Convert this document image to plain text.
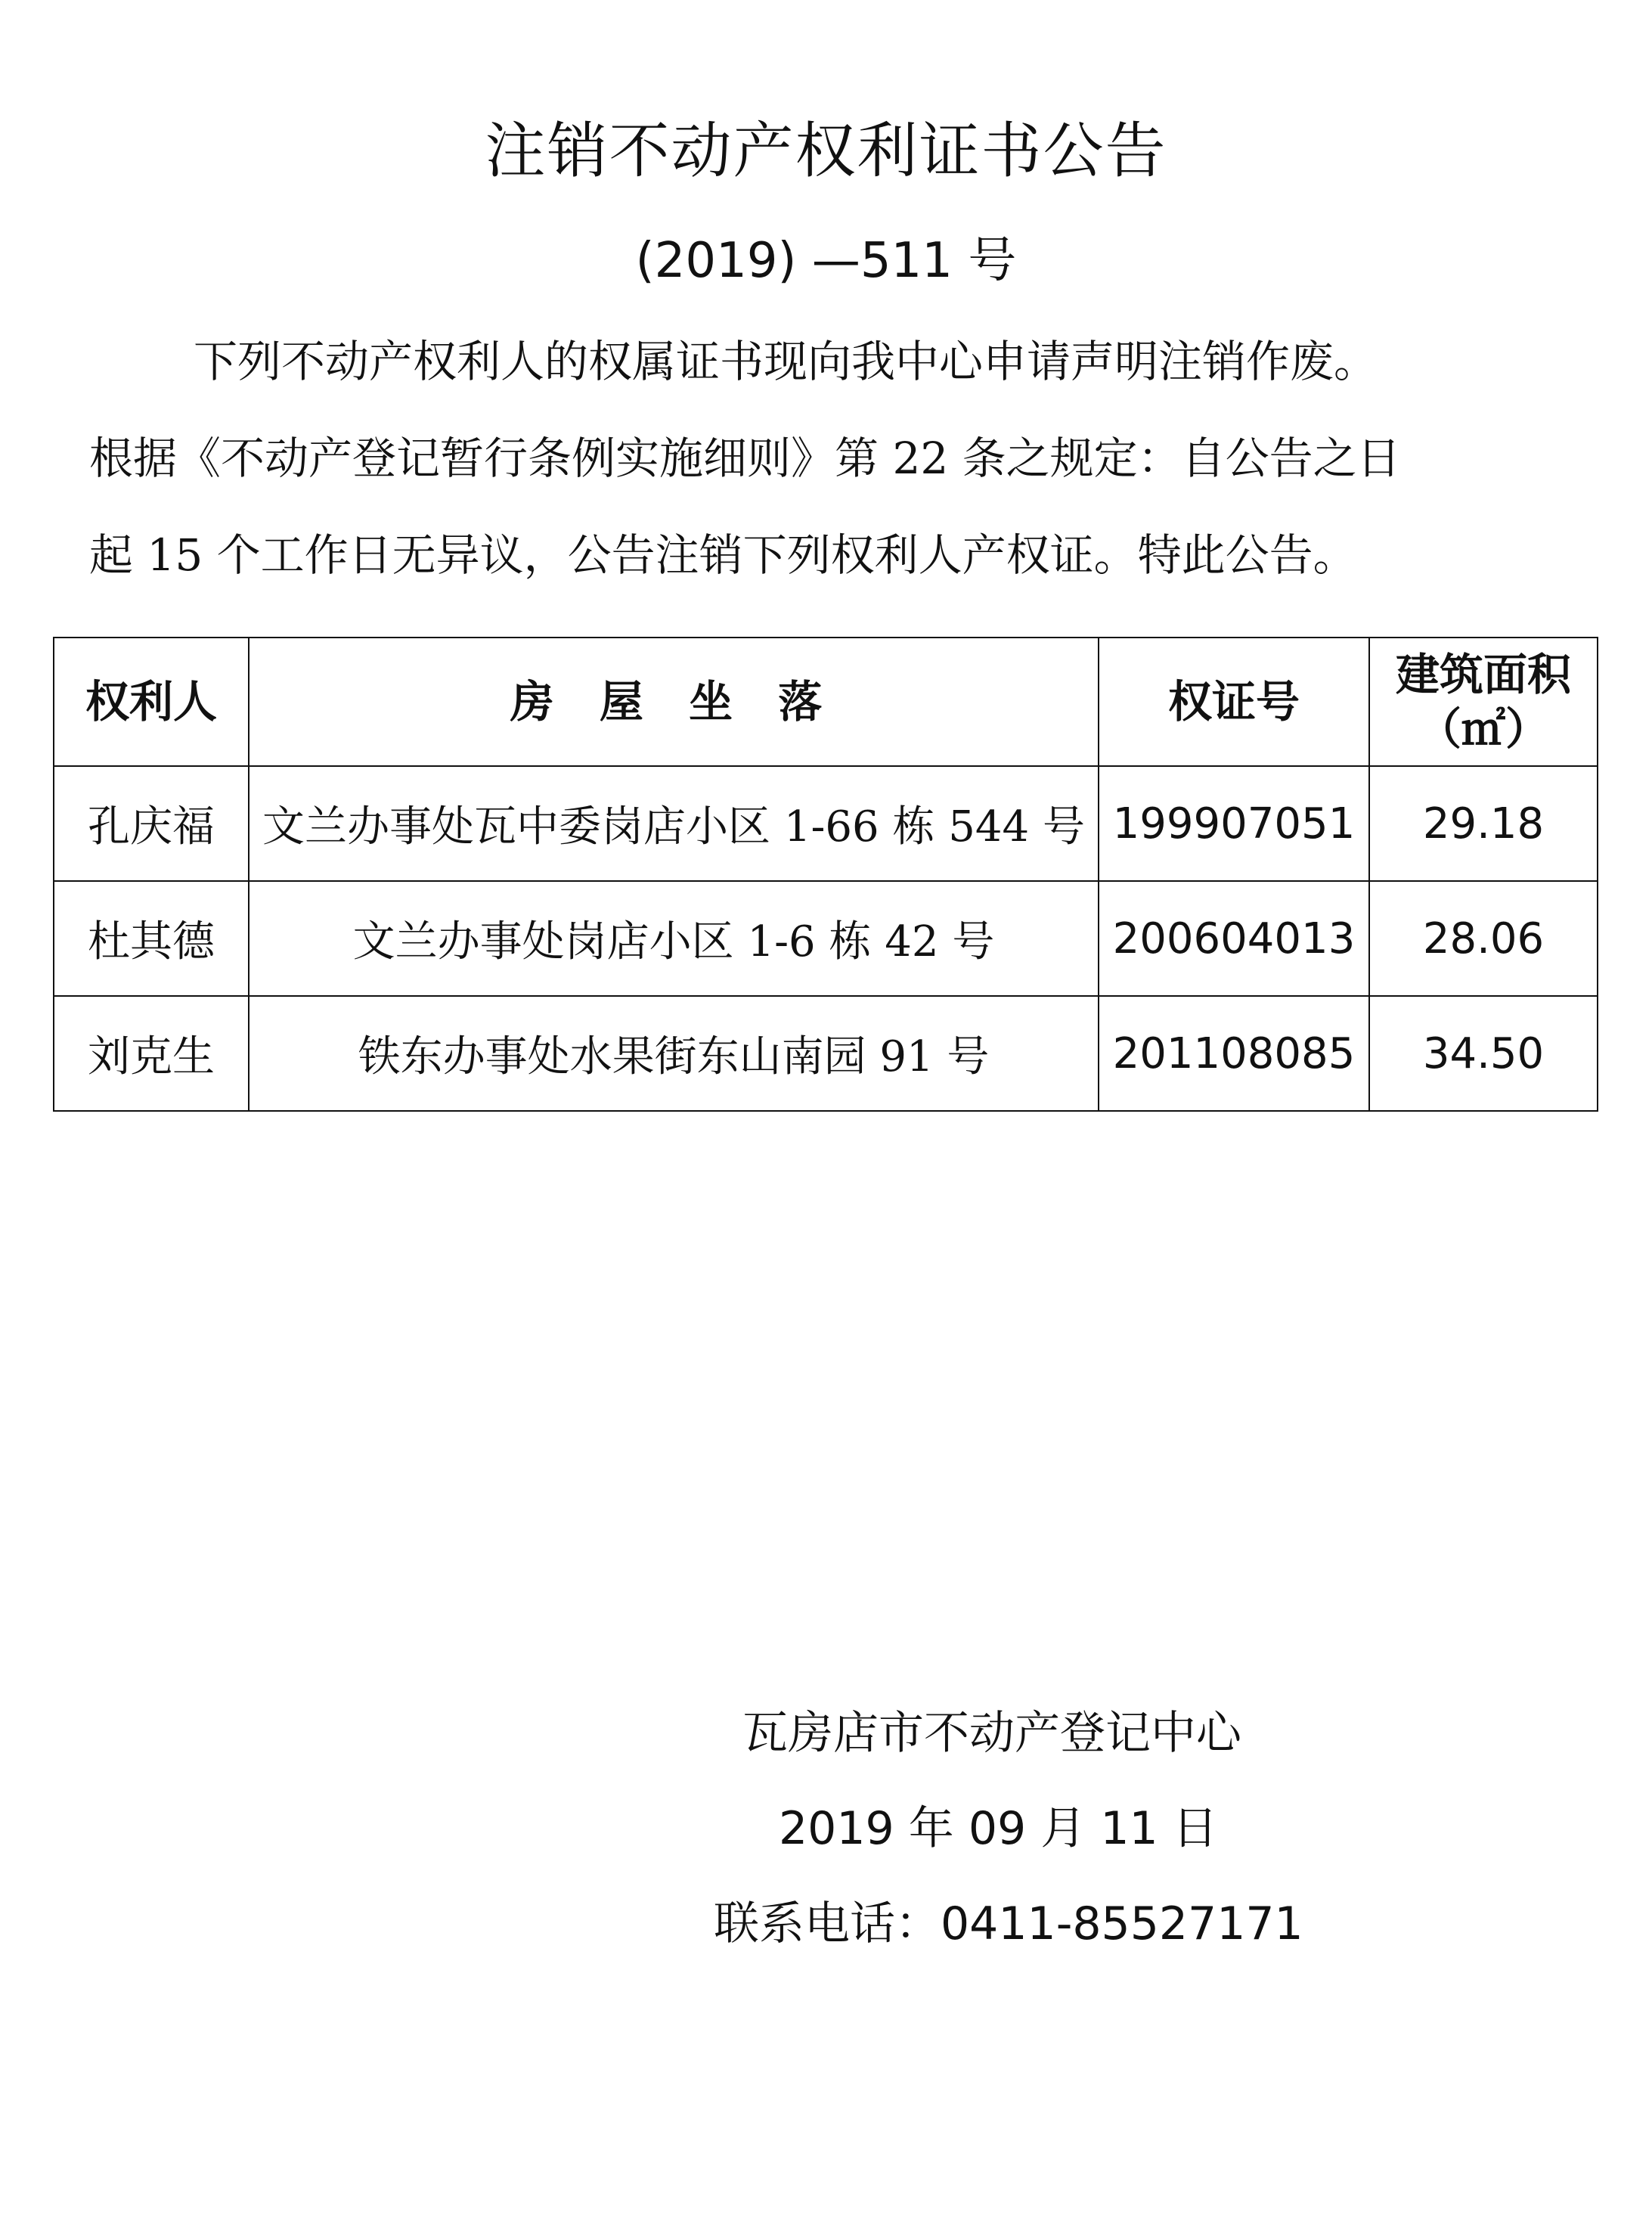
注销不动产权利证书公告
(2019) —511 号
下列不动产权利人的权属证书现向我中心申请声明注销作废。
根据《不动产登记暂行条例实施细则》第 22 条之规定：自公告之日
起 15 个工作日无异议，公告注销下列权利人产权证。特此公告。
权利人	房 屋 坐 落	权证号	建筑面积
（㎡）

孔庆福	文兰办事处瓦中委岗店小区 1-66 栋 544 号	199907051	29.18
杜其德	文兰办事处岗店小区 1-6 栋 42 号	200604013	28.06
刘克生	铁东办事处水果街东山南园 91 号	201108085	34.50
瓦房店市不动产登记中心
2019 年 09 月 11 日
联系电话：0411-85527171
